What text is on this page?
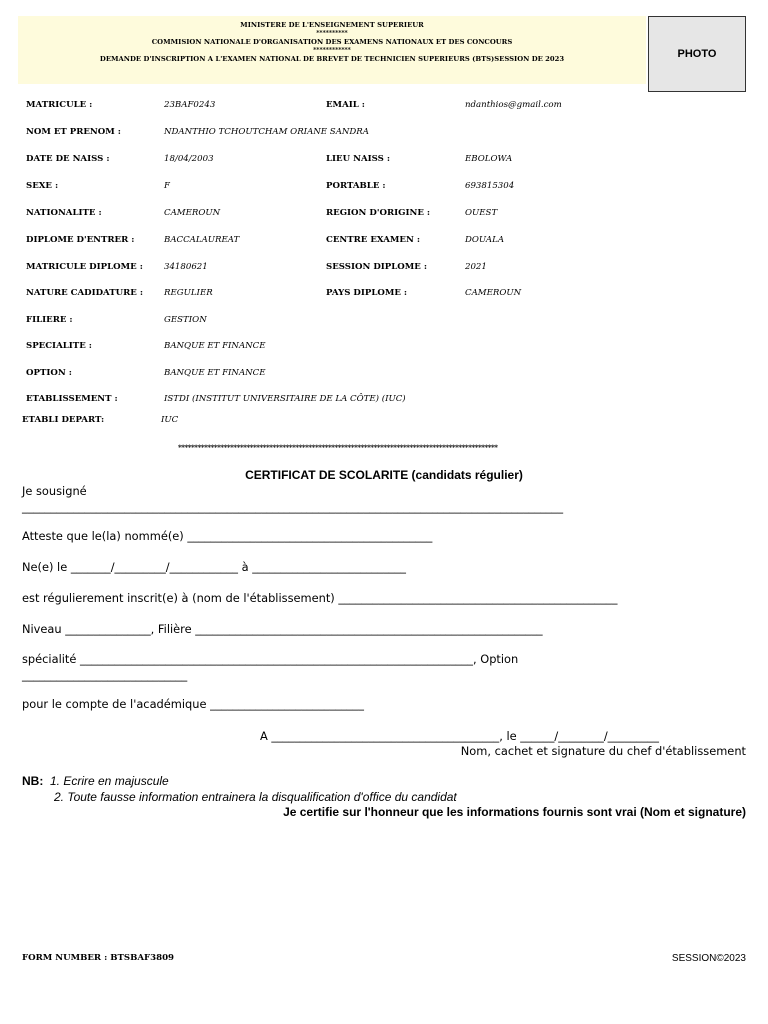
MINISTERE DE L'ENSEIGNEMENT SUPERIEUR
**********
COMMISION NATIONALE D'ORGANISATION DES EXAMENS NATIONAUX ET DES CONCOURS
************
DEMANDE D'INSCRIPTION A L'EXAMEN NATIONAL DE BREVET DE TECHNICIEN SUPERIEURS (BTS)SESSION DE 2023	PHOTO
MATRICULE :	23BAF0243	EMAIL :	ndanthios@gmail.com
NOM ET PRENOM :	NDANTHIO TCHOUTCHAM ORIANE SANDRA
DATE DE NAISS :	18/04/2003	LIEU NAISS :	EBOLOWA
SEXE :	F	PORTABLE :	693815304
NATIONALITE :	CAMEROUN	REGION D'ORIGINE :	OUEST
DIPLOME D'ENTRER :	BACCALAUREAT	CENTRE EXAMEN :	DOUALA
MATRICULE DIPLOME : 34180621	SESSION DIPLOME :	2021
NATURE CADIDATURE : REGULIER	PAYS DIPLOME :	CAMEROUN
FILIERE :	GESTION
SPECIALITE :	BANQUE ET FINANCE
OPTION :	BANQUE ET FINANCE
ETABLISSEMENT :	ISTDI (INSTITUT UNIVERSITAIRE DE LA CÔTE) (IUC)
ETABLI DEPART:	IUC
**************************************************************************************************
CERTIFICAT DE SCOLARITE (candidats régulier)
Je sousigné
_______________________________________________________________________________________________
Atteste que le(la) nommé(e) ___________________________________________
Ne(e) le _______/_________/____________ à ___________________________
est régulierement inscrit(e) à (nom de l'établissement) _________________________________________________
Niveau _______________, Filière _____________________________________________________________
spécialité _____________________________________________________________________, Option
_____________________________
pour le compte de l'académique ___________________________
A ________________________________________, le ______/________/_________
Nom, cachet et signature du chef d'établissement
NB: 1. Ecrire en majuscule
2. Toute fausse information entrainera la disqualification d'office du candidat
Je certifie sur l'honneur que les informations fournis sont vrai (Nom et signature)
FORM NUMBER : BTSBAF3809	SESSION©2023
